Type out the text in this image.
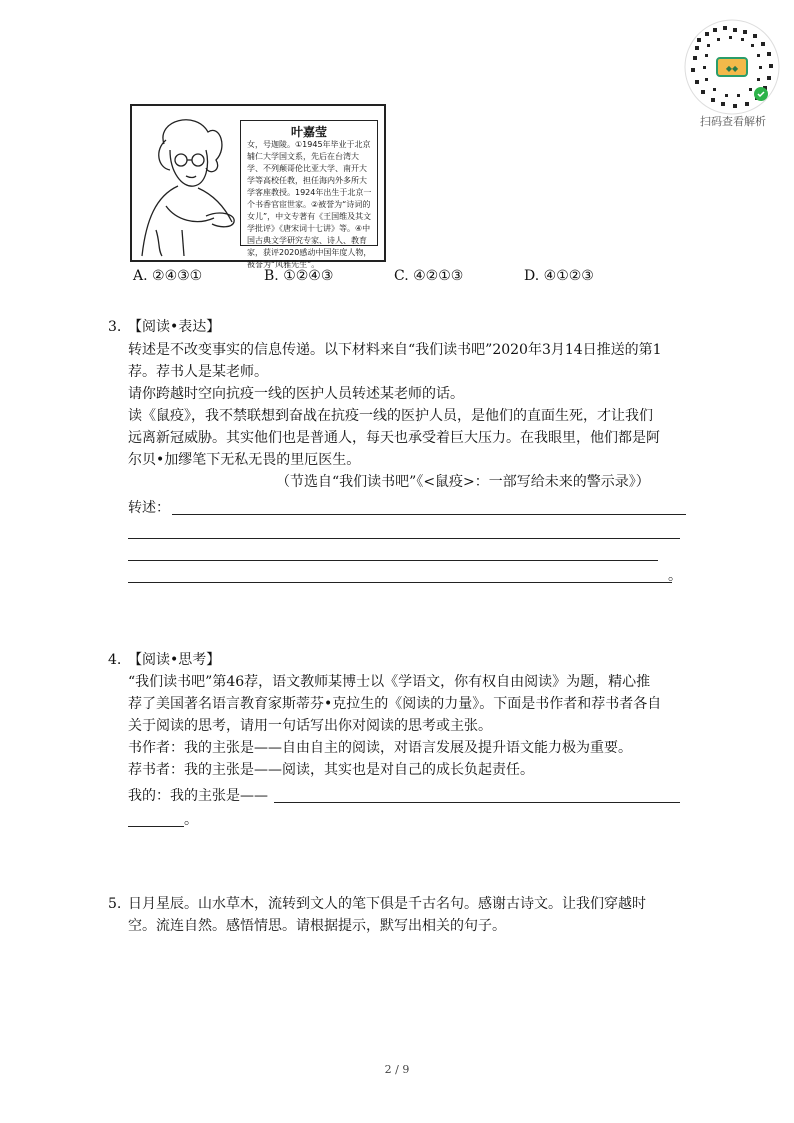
◆◆
扫码查看解析
叶嘉莹
女，号迦陵。①1945年毕业于北京辅仁大学国文系，先后在台湾大学、不列颠哥伦比亚大学、南开大学等高校任教，担任海内外多所大学客座教授。1924年出生于北京一个书香官宦世家。②被誉为“诗词的女儿”，中文专著有《王国维及其文学批评》《唐宋词十七讲》等。④中国古典文学研究专家、诗人、教育家，获评2020感动中国年度人物，被誉为“风雅先生”。
A. ②④③①	B. ①②④③	C. ④②①③	D. ④①②③
3. 【阅读•表达】
转述是不改变事实的信息传递。以下材料来自“我们读书吧”2020年3月14日推送的第1
荐。荐书人是某老师。
请你跨越时空向抗疫一线的医护人员转述某老师的话。
读《鼠疫》，我不禁联想到奋战在抗疫一线的医护人员，是他们的直面生死，才让我们
远离新冠威胁。其实他们也是普通人，每天也承受着巨大压力。在我眼里，他们都是阿
尔贝•加缪笔下无私无畏的里厄医生。
（节选自“我们读书吧”《<鼠疫>：一部写给未来的警示录》）
转述：
。
4. 【阅读•思考】
“我们读书吧”第46荐，语文教师某博士以《学语文，你有权自由阅读》为题，精心推
荐了美国著名语言教育家斯蒂芬•克拉生的《阅读的力量》。下面是书作者和荐书者各自
关于阅读的思考，请用一句话写出你对阅读的思考或主张。
书作者：我的主张是——自由自主的阅读，对语言发展及提升语文能力极为重要。
荐书者：我的主张是——阅读，其实也是对自己的成长负起责任。
我的：我的主张是——
。
5. 日月星辰。山水草木，流转到文人的笔下俱是千古名句。感谢古诗文。让我们穿越时
空。流连自然。感悟情思。请根据提示，默写出相关的句子。
2 / 9
